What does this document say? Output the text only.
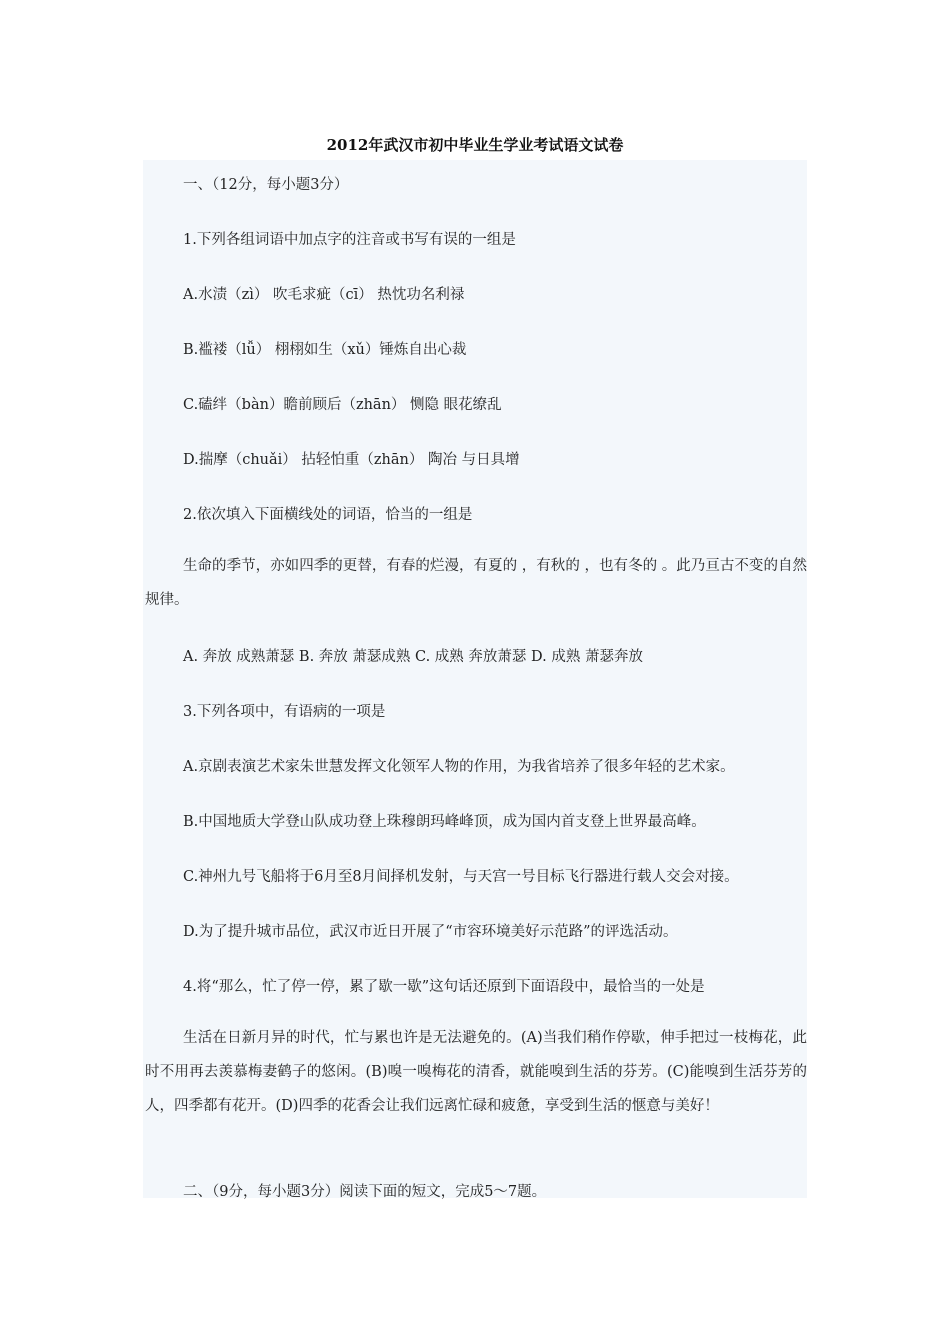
2012年武汉市初中毕业生学业考试语文试卷
一、（12分，每小题3分）
1.下列各组词语中加点字的注音或书写有误的一组是
A.水渍（zì） 吹毛求疵（cī） 热忱功名利禄
B.褴褛（lǚ） 栩栩如生（xǔ）锤炼自出心裁
C.磕绊（bàn）瞻前顾后（zhān） 恻隐 眼花缭乱
D.揣摩（chuǎi） 拈轻怕重（zhān） 陶冶 与日具增
2.依次填入下面横线处的词语，恰当的一组是

生命的季节，亦如四季的更替，有春的烂漫，有夏的 ，有秋的 ，也有冬的 。此乃亘古不变的自然规律。

A. 奔放 成熟萧瑟 B. 奔放 萧瑟成熟 C. 成熟 奔放萧瑟 D. 成熟 萧瑟奔放
3.下列各项中，有语病的一项是
A.京剧表演艺术家朱世慧发挥文化领军人物的作用，为我省培养了很多年轻的艺术家。
B.中国地质大学登山队成功登上珠穆朗玛峰峰顶，成为国内首支登上世界最高峰。
C.神州九号飞船将于6月至8月间择机发射，与天宫一号目标飞行器进行载人交会对接。
D.为了提升城市品位，武汉市近日开展了“市容环境美好示范路”的评选活动。
4.将“那么，忙了停一停，累了歇一歇”这句话还原到下面语段中，最恰当的一处是

生活在日新月异的时代，忙与累也许是无法避免的。(A)当我们稍作停歇，伸手把过一枝梅花，此时不用再去羡慕梅妻鹤子的悠闲。(B)嗅一嗅梅花的清香，就能嗅到生活的芬芳。(C)能嗅到生活芬芳的人，四季都有花开。(D)四季的花香会让我们远离忙碌和疲惫，享受到生活的惬意与美好！

二、（9分，每小题3分）阅读下面的短文，完成5～7题。
